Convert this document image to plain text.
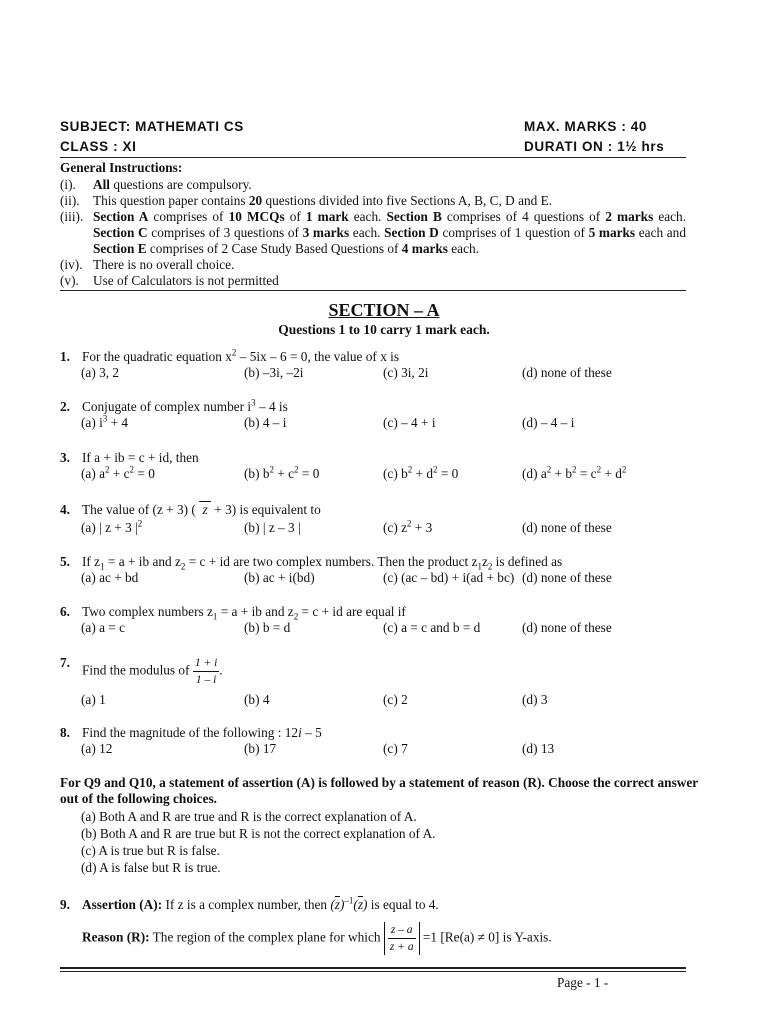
SUBJECT: MATHEMATI CS	MAX. MARKS : 40
CLASS : XI	DURATI ON : 1½ hrs
General Instructions:
(i).	All questions are compulsory.
(ii).	This question paper contains 20 questions divided into five Sections A, B, C, D and E.
(iii). Section A comprises of 10 MCQs of 1 mark each. Section B comprises of 4 questions of 2 marks each. Section C comprises of 3 questions of 3 marks each. Section D comprises of 1 question of 5 marks each and Section E comprises of 2 Case Study Based Questions of 4 marks each.
(iv). There is no overall choice.
(v).	Use of Calculators is not permitted
SECTION – A
Questions 1 to 10 carry 1 mark each.
1. For the quadratic equation $x^2 - 5ix - 6 = 0$, the value of x is
(a) 3, 2	(b) –3i, –2i	(c) 3i, 2i	(d) none of these
2. Conjugate of complex number $i^3 - 4$ is
(a) $i^3 + 4$	(b) 4 – i	(c) – 4 + i	(d) – 4 – i
3. If a + ib = c + id, then
(a) $a^2 + c^2 = 0$	(b) $b^2 + c^2 = 0$	(c) $b^2 + d^2 = 0$	(d) $a^2 + b^2 = c^2 + d^2$
4. The value of (z + 3) (  z  + 3) is equivalent to
(a) | z + 3 $|^2$	(b) | z – 3 |	(c) $z^2 + 3$	(d) none of these
5. If $z_1 = a$ + ib and $z_2 = c$ + id are two complex numbers. Then the product $z_1z_2$ is defined as
(a) ac + bd	(b) ac + i(bd)	(c) (ac – bd) + i(ad + bc) (d) none of these
6. Two complex numbers $z_1 = a$ + ib and $z_2 = c$ + id are equal if
(a) a = c	(b) b = d	(c) a = c and b = d	(d) none of these
7.
Find the modulus of $\frac{1 + i}{1 - i}$ .
(a) 1	(b) 4	(c) 2	(d) 3
8. Find the magnitude of the following : 12i – 5
(a) 12	(b) 17	(c) 7	(d) 13
For Q9 and Q10, a statement of assertion (A) is followed by a statement of reason (R). Choose the correct answer out of the following choices.
(a) Both A and R are true and R is the correct explanation of A.
(b) Both A and R are true but R is not the correct explanation of A.
(c) A is true but R is false.
(d) A is false but R is true.
9. Assertion (A): If z is a complex number, then $(\overline{z})^{-1}(\overline{z})$ is equal to 4.
Reason (R): The region of the complex plane for which $\frac{z - a}{z + a} =1$ [Re(a) ≠ 0] is Y-axis.
Page - 1 -
